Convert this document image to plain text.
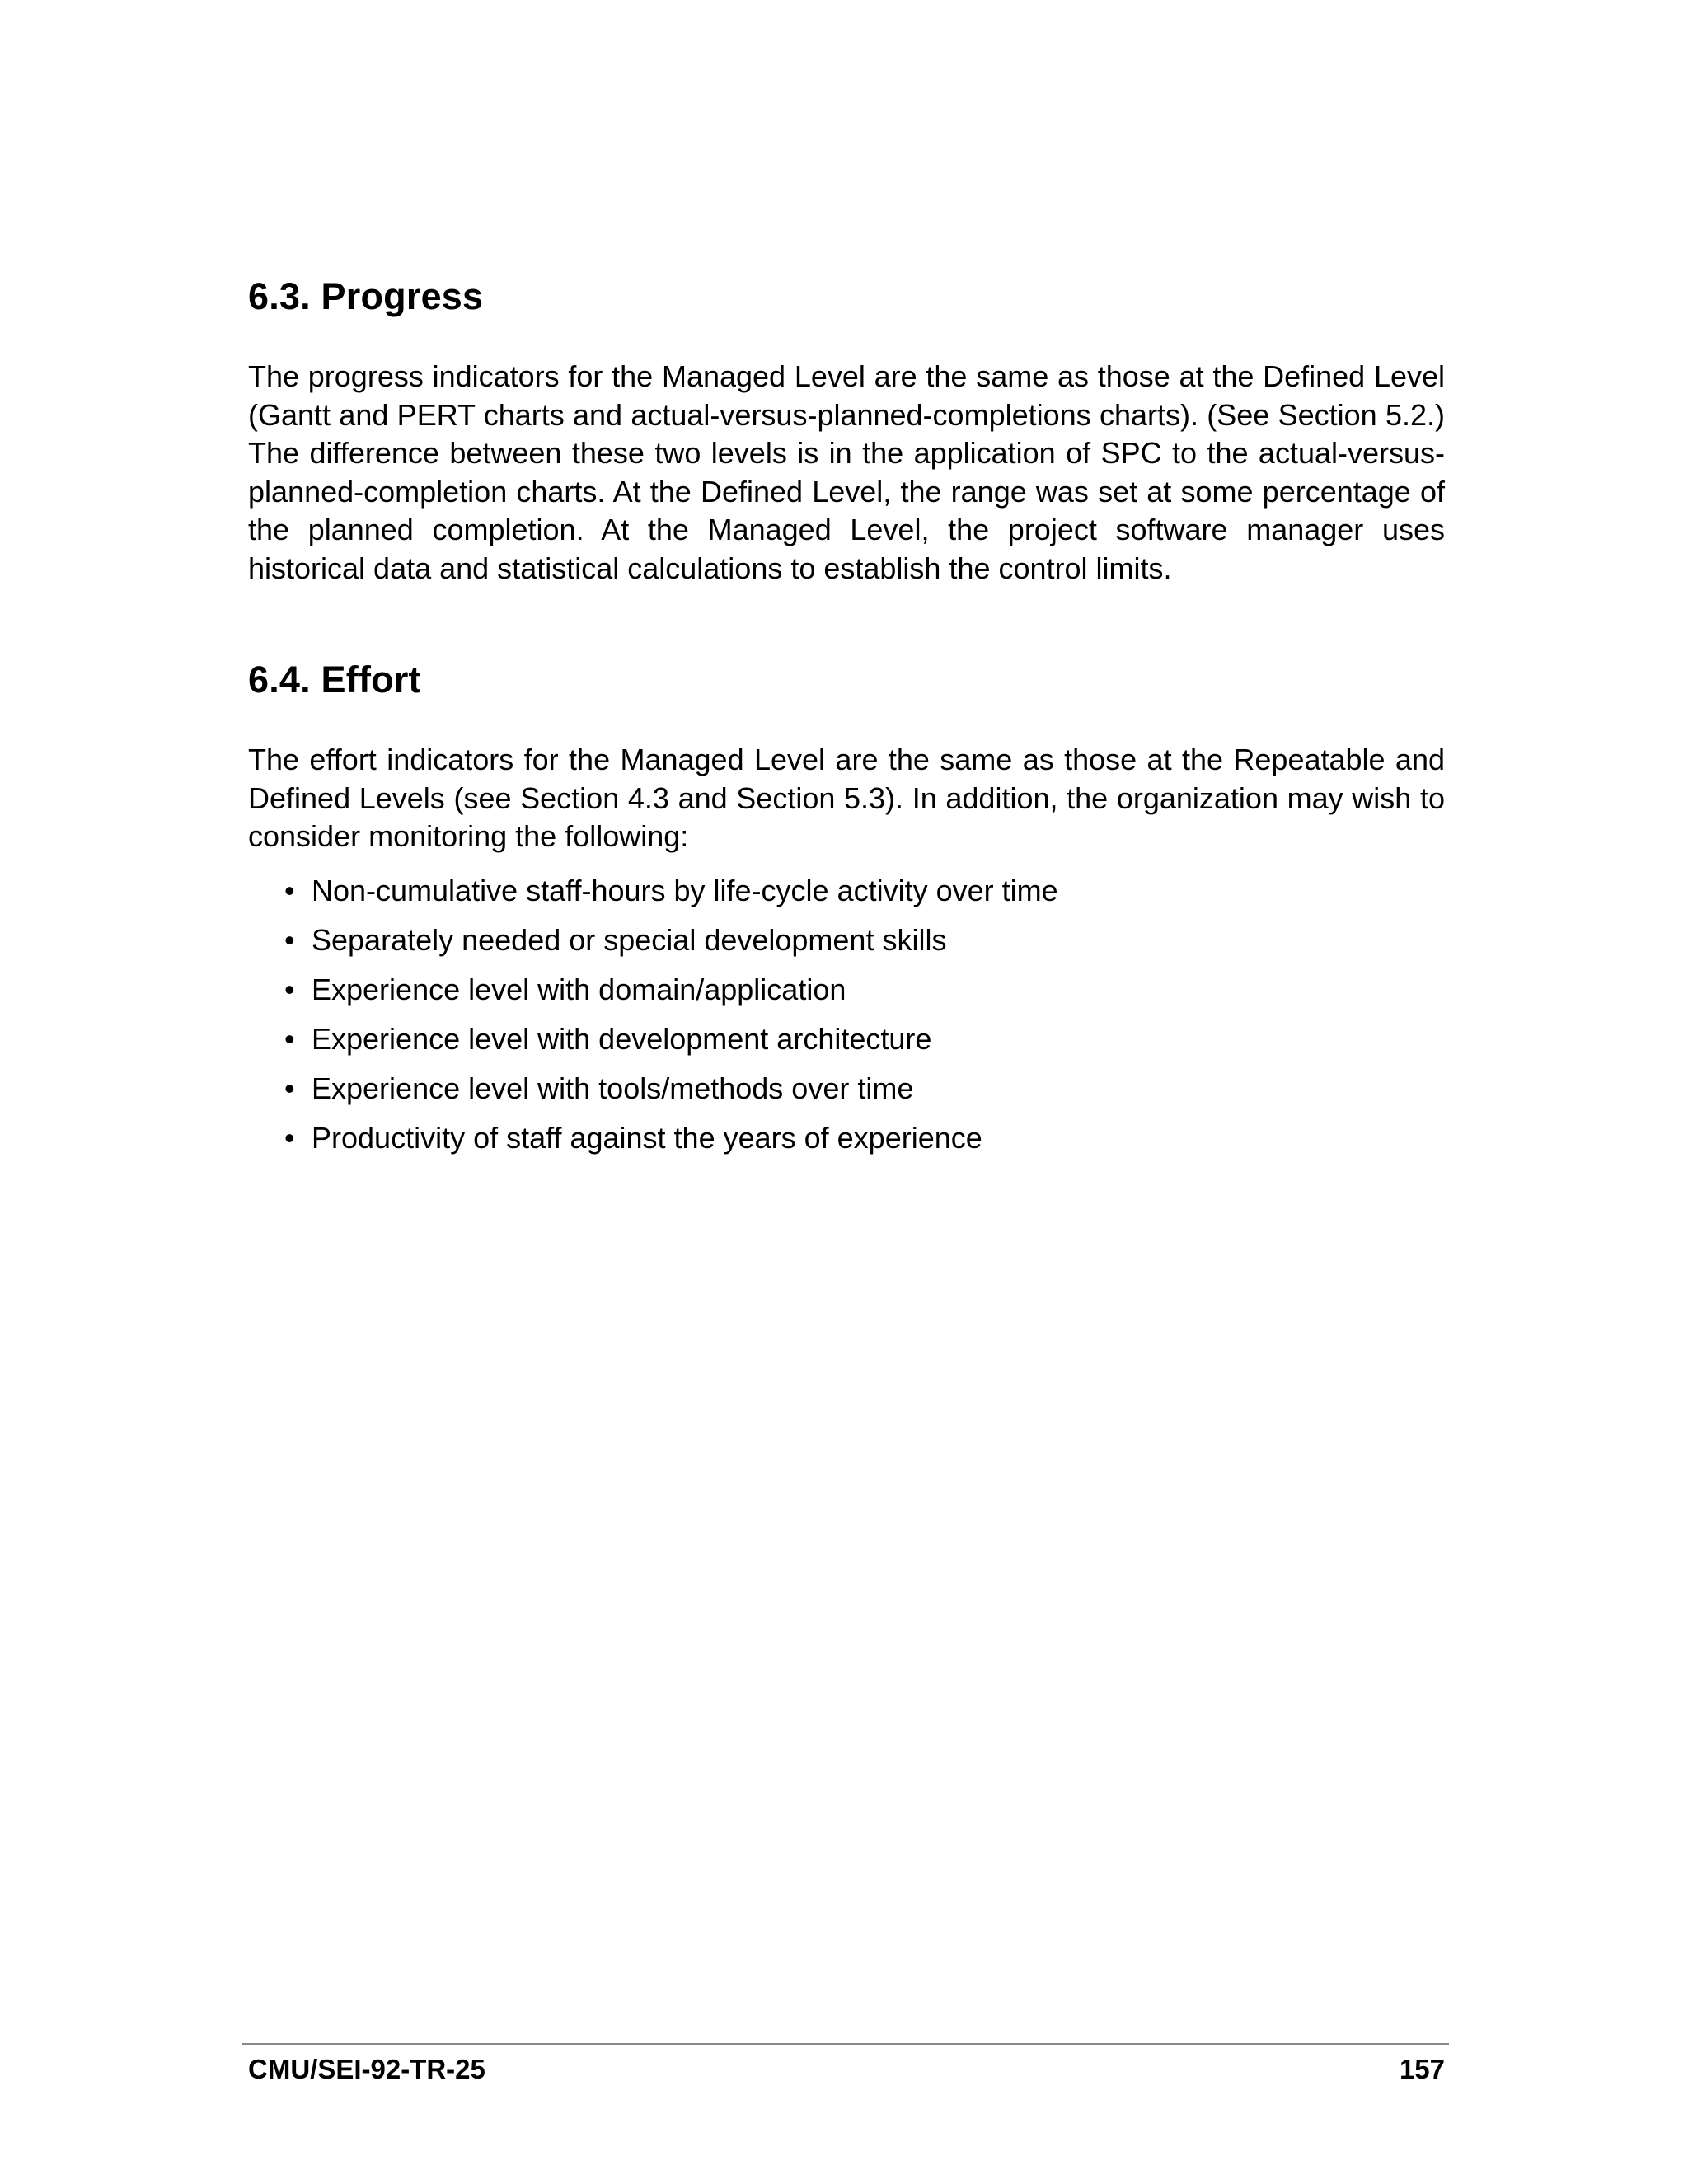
6.3. Progress

The progress indicators for the Managed Level are the same as those at the Defined Level (Gantt and PERT charts and actual-versus-planned-completions charts). (See Section 5.2.) The difference between these two levels is in the application of SPC to the actual-versus-planned-completion charts. At the Defined Level, the range was set at some percentage of the planned completion. At the Managed Level, the project software manager uses historical data and statistical calculations to establish the control limits.

6.4. Effort

The effort indicators for the Managed Level are the same as those at the Repeatable and Defined Levels (see Section 4.3 and Section 5.3). In addition, the organization may wish to consider monitoring the following:

• Non-cumulative staff-hours by life-cycle activity over time
• Separately needed or special development skills
• Experience level with domain/application
• Experience level with development architecture
• Experience level with tools/methods over time
• Productivity of staff against the years of experience
CMU/SEI-92-TR-25	157
